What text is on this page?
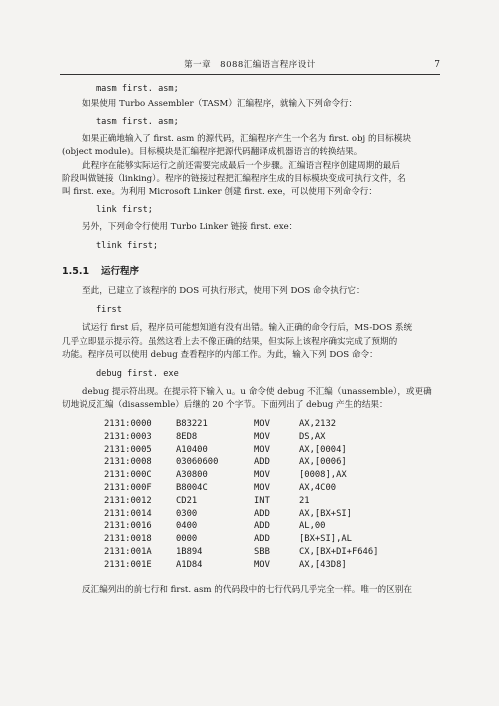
第一章　8088汇编语言程序设计	7
masm first. asm;
如果使用 Turbo Assembler（TASM）汇编程序，就输入下列命令行：
tasm first. asm;
如果正确地输入了 first. asm 的源代码，汇编程序产生一个名为 first. obj 的目标模块
(object module)。目标模块是汇编程序把源代码翻译成机器语言的转换结果。
此程序在能够实际运行之前还需要完成最后一个步骤。汇编语言程序创建周期的最后
阶段叫做链接（linking）。程序的链接过程把汇编程序生成的目标模块变成可执行文件，名
叫 first. exe。为利用 Microsoft Linker 创建 first. exe，可以使用下列命令行：
link first;
另外，下列命令行使用 Turbo Linker 链接 first. exe：
tlink first;
1.5.1 运行程序
至此，已建立了该程序的 DOS 可执行形式，使用下列 DOS 命令执行它：
first
试运行 first 后，程序员可能想知道有没有出错。输入正确的命令行后，MS-DOS 系统
几乎立即显示提示符。虽然这看上去不像正确的结果，但实际上该程序确实完成了预期的
功能。程序员可以使用 debug 查看程序的内部工作。为此，输入下列 DOS 命令：
debug first. exe
debug 提示符出现。在提示符下输入 u。u 命令使 debug 不汇编（unassemble），或更确
切地说反汇编（disassemble）后继的 20 个字节。下面列出了 debug 产生的结果：
2131:0000	B83221	MOV	AX,2132
2131:0003	8ED8	MOV	DS,AX
2131:0005	A10400	MOV	AX,[0004]
2131:0008	03060600	ADD	AX,[0006]
2131:000C	A30800	MOV	[0008],AX
2131:000F	B8004C	MOV	AX,4C00
2131:0012	CD21	INT	21
2131:0014	0300	ADD	AX,[BX+SI]
2131:0016	0400	ADD	AL,00
2131:0018	0000	ADD	[BX+SI],AL
2131:001A	1B894	SBB	CX,[BX+DI+F646]
2131:001E	A1D84	MOV	AX,[43D8]
反汇编列出的前七行和 first. asm 的代码段中的七行代码几乎完全一样。唯一的区别在
